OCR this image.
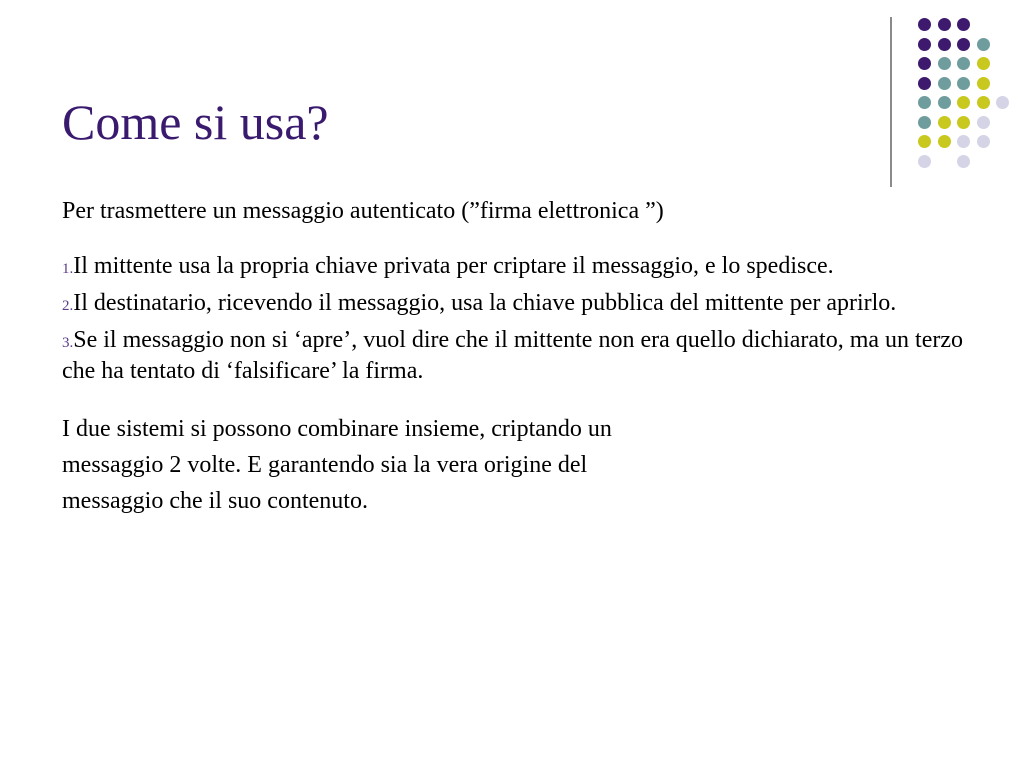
Come si usa?

Per trasmettere un messaggio autenticato (”firma elettronica ”)

1.Il mittente usa la propria chiave privata per criptare il messaggio, e lo spedisce.

2.Il destinatario, ricevendo il messaggio, usa la chiave pubblica del mittente per aprirlo.

3.Se il messaggio non si ‘apre’, vuol dire che il mittente non era quello dichiarato, ma un terzo che ha tentato di ‘falsificare’ la firma.

I due sistemi si possono combinare insieme, criptando un

messaggio 2 volte. E garantendo sia la vera origine del

messaggio che il suo contenuto.
